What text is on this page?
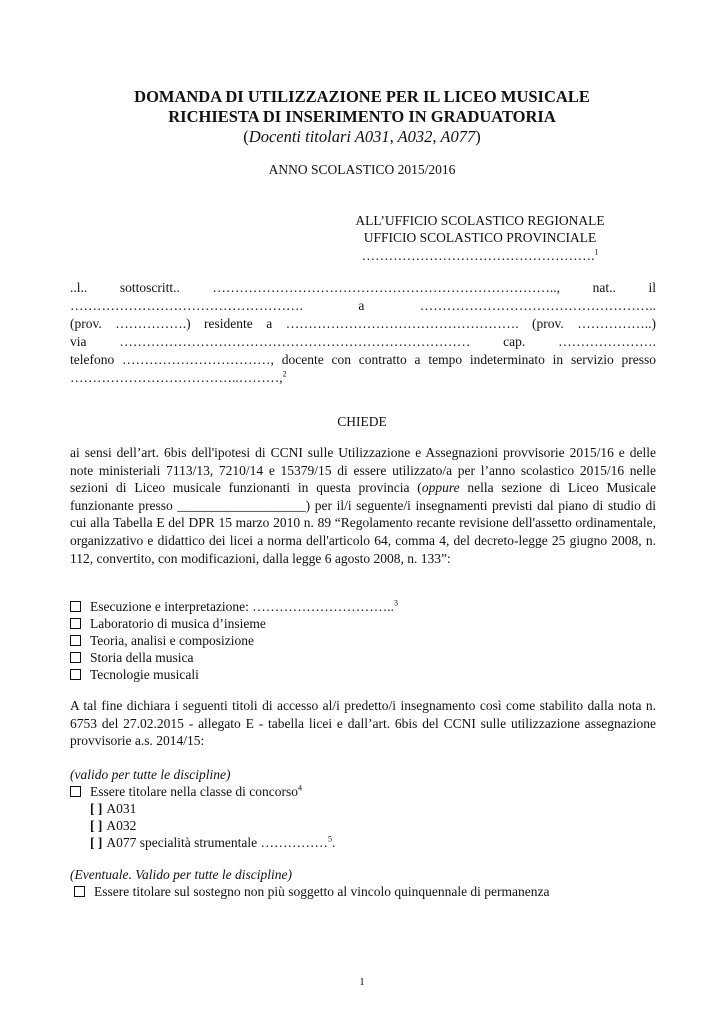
DOMANDA DI UTILIZZAZIONE PER IL LICEO MUSICALE
RICHIESTA DI INSERIMENTO IN GRADUATORIA
(Docenti titolari A031, A032, A077)
ANNO SCOLASTICO 2015/2016
ALL’UFFICIO SCOLASTICO REGIONALE
UFFICIO SCOLASTICO PROVINCIALE
…………………………………………….$^1$
..l.. sottoscritt.. ………………………………………………………………….., nat.. il
……………………………………………. a ……………………………………………..
(prov. …………….) residente a ……………………………………………. (prov. ……………..)
via …………………………………………………………………… cap. ………………….
telefono ……………………………, docente con contratto a tempo indeterminato in servizio presso
………………………………..………,$^2$
CHIEDE
ai sensi dell’art. 6bis dell'ipotesi di CCNI sulle Utilizzazione e Assegnazioni provvisorie 2015/16 e delle note ministeriali 7113/13, 7210/14 e 15379/15 di essere utilizzato/a per l’anno scolastico 2015/16 nelle sezioni di Liceo musicale funzionanti in questa provincia (oppure nella sezione di Liceo Musicale funzionante presso ___________________) per il/i seguente/i insegnamenti previsti dal piano di studio di cui alla Tabella E del DPR 15 marzo 2010 n. 89 “Regolamento recante revisione dell'assetto ordinamentale, organizzativo e didattico dei licei a norma dell'articolo 64, comma 4, del decreto-legge 25 giugno 2008, n. 112, convertito, con modificazioni, dalla legge 6 agosto 2008, n. 133”:
Esecuzione e interpretazione: …………………………..$^3$
Laboratorio di musica d’insieme
Teoria, analisi e composizione
Storia della musica
Tecnologie musicali
A tal fine dichiara i seguenti titoli di accesso al/i predetto/i insegnamento così come stabilito dalla nota n. 6753 del 27.02.2015 - allegato E - tabella licei e dall’art. 6bis del CCNI sulle utilizzazione assegnazione provvisorie a.s. 2014/15:
(valido per tutte le discipline)
Essere titolare nella classe di concorso$^4$
[ ] A031
[ ] A032
[ ] A077 specialità strumentale ……………$^5$.
(Eventuale. Valido per tutte le discipline)
Essere titolare sul sostegno non più soggetto al vincolo quinquennale di permanenza
1
